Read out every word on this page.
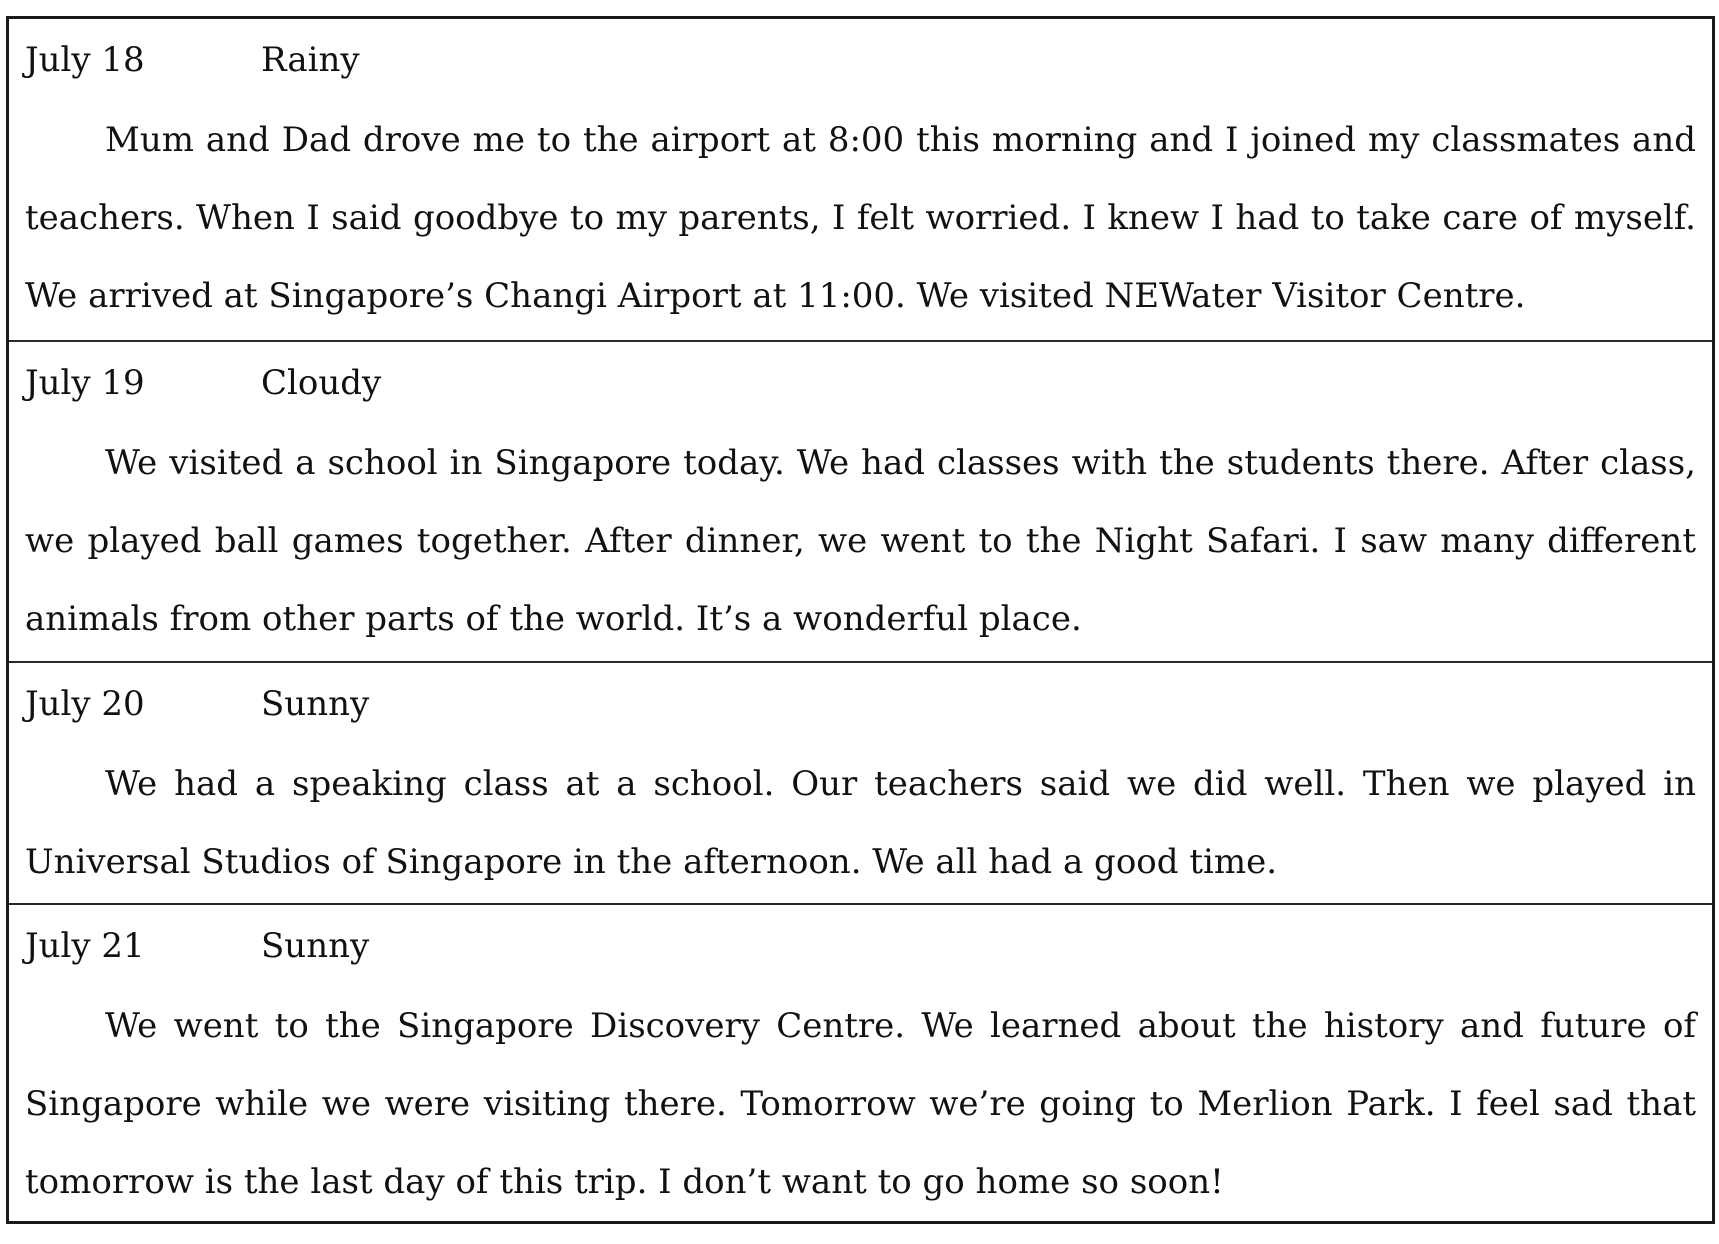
July 18	Rainy

Mum and Dad drove me to the airport at 8:00 this morning and I joined my classmates and teachers. When I said goodbye to my parents, I felt worried. I knew I had to take care of myself. We arrived at Singapore’s Changi Airport at 11:00. We visited NEWater Visitor Centre.

July 19	Cloudy

We visited a school in Singapore today. We had classes with the students there. After class, we played ball games together. After dinner, we went to the Night Safari. I saw many different animals from other parts of the world. It’s a wonderful place.

July 20	Sunny

We had a speaking class at a school. Our teachers said we did well. Then we played in Universal Studios of Singapore in the afternoon. We all had a good time.

July 21	Sunny

We went to the Singapore Discovery Centre. We learned about the history and future of Singapore while we were visiting there. Tomorrow we’re going to Merlion Park. I feel sad that tomorrow is the last day of this trip. I don’t want to go home so soon!
